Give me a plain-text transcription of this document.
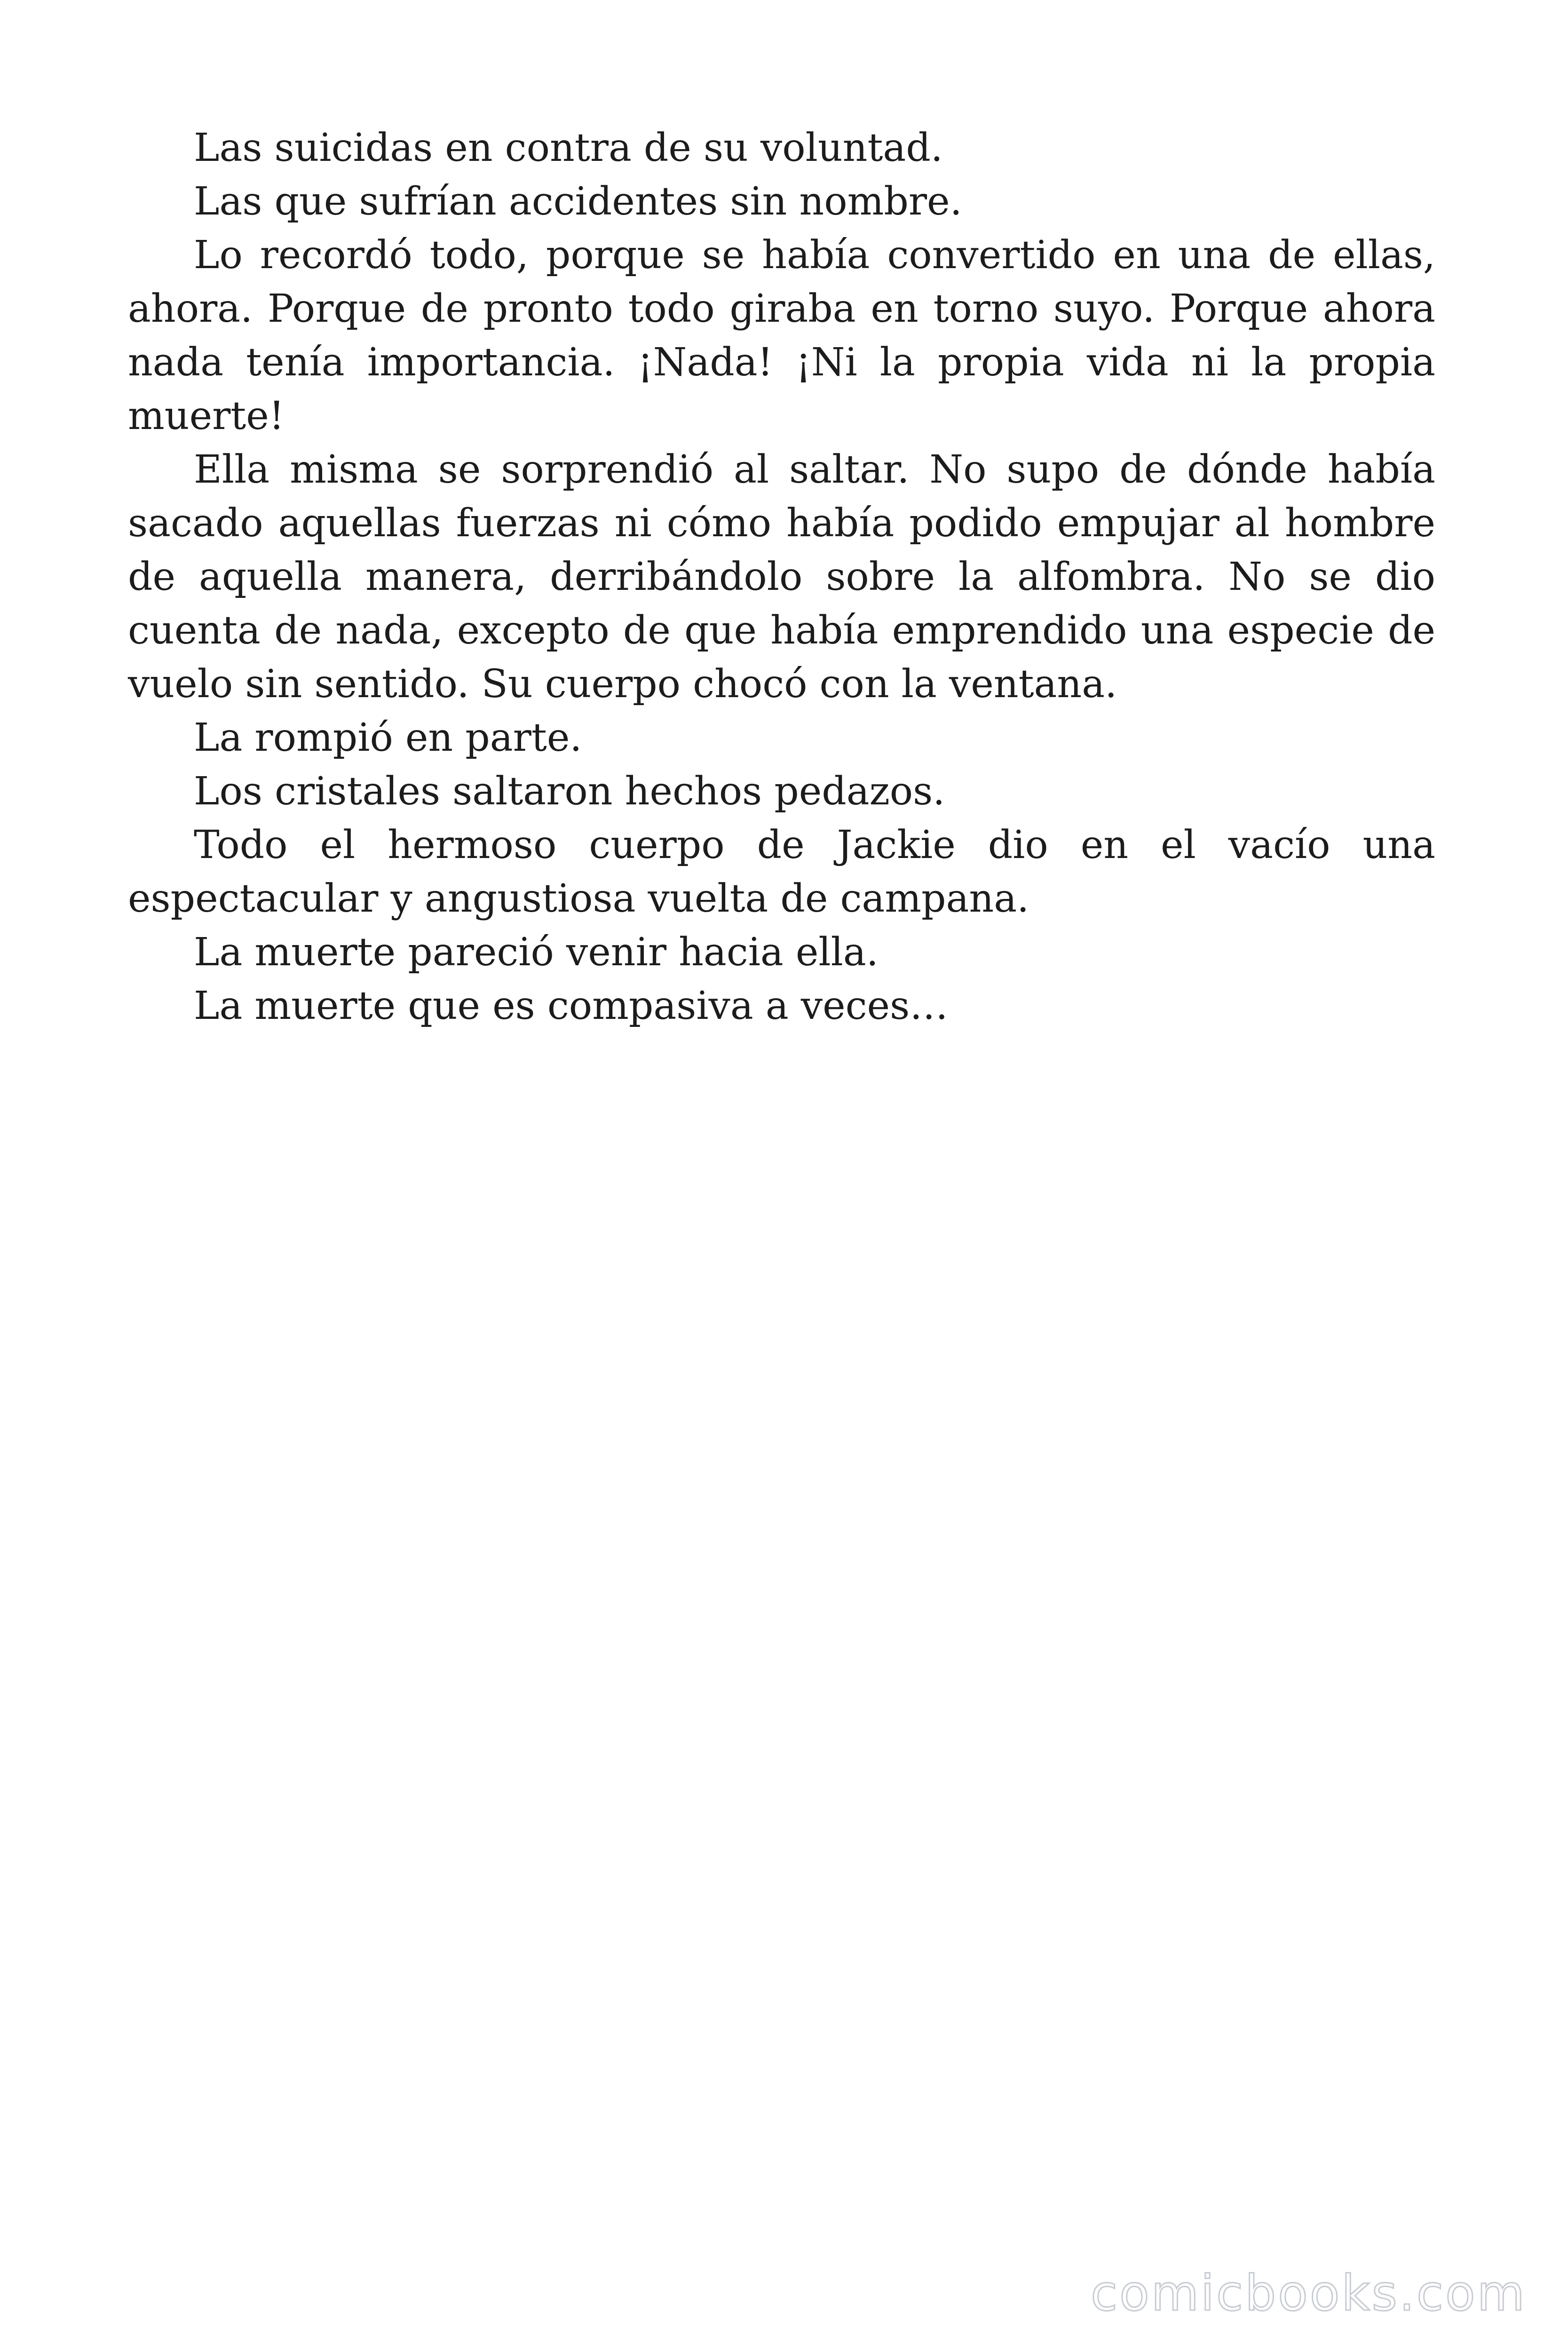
Las suicidas en contra de su voluntad.

Las que sufrían accidentes sin nombre.

Lo recordó todo, porque se había convertido en una de ellas, ahora. Porque de pronto todo giraba en torno suyo. Porque ahora nada tenía importancia. ¡Nada! ¡Ni la propia vida ni la propia muerte!

Ella misma se sorprendió al saltar. No supo de dónde había sacado aquellas fuerzas ni cómo había podido empujar al hombre de aquella manera, derribándolo sobre la alfombra. No se dio cuenta de nada, excepto de que había emprendido una especie de vuelo sin sentido. Su cuerpo chocó con la ventana.

La rompió en parte.

Los cristales saltaron hechos pedazos.

Todo el hermoso cuerpo de Jackie dio en el vacío una espectacular y angustiosa vuelta de campana.

La muerte pareció venir hacia ella.

La muerte que es compasiva a veces…

comicbooks.com
